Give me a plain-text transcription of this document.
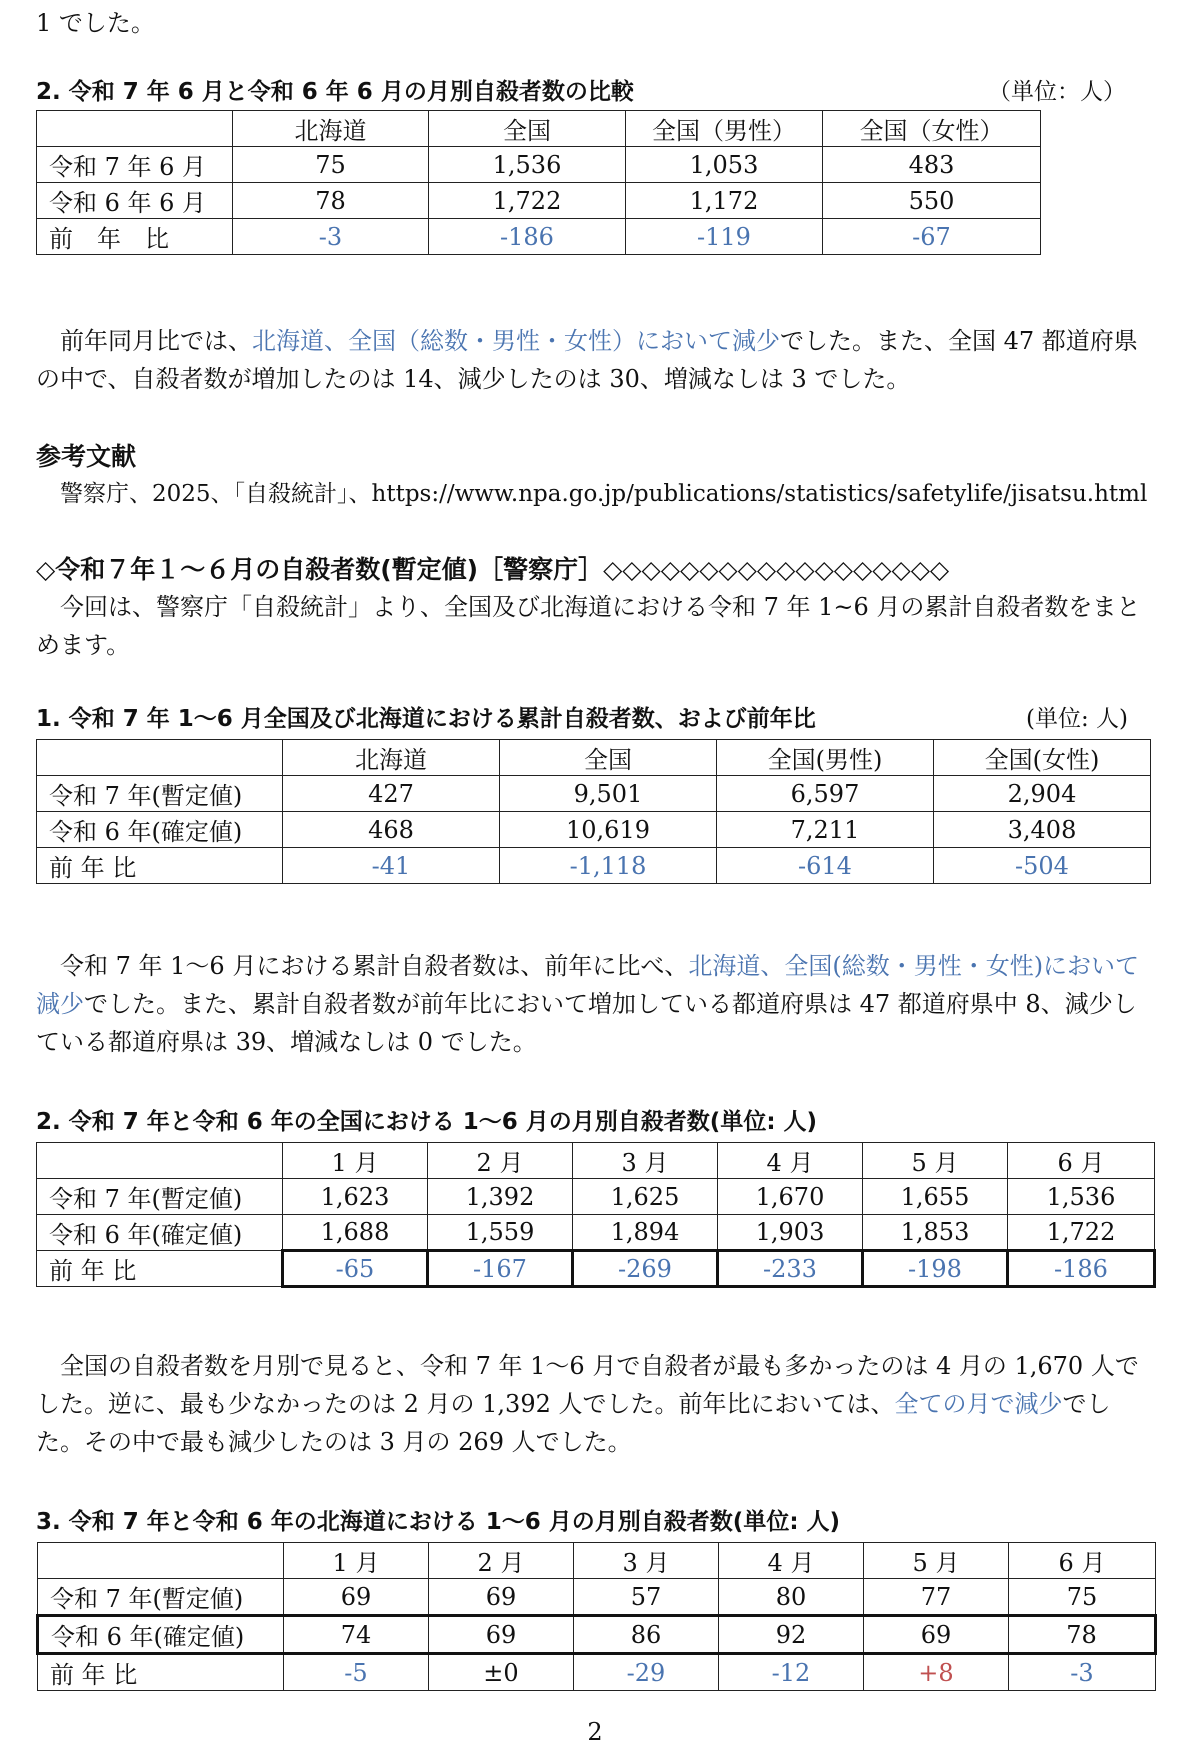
1 でした。

2. 令和 7 年 6 月と令和 6 年 6 月の月別自殺者数の比較	（単位：人）
	北海道	全国	全国（男性）	全国（女性）
令和 7 年 6 月	75	1,536	1,053	483
令和 6 年 6 月	78	1,722	1,172	550
前　年　比	-3	-186	-119	-67

前年同月比では、北海道、全国（総数・男性・女性）において減少でした。また、全国 47 都道府県の中で、自殺者数が増加したのは 14、減少したのは 30、増減なしは 3 でした。

参考文献

警察庁、2025、「自殺統計」、https://www.npa.go.jp/publications/statistics/safetylife/jisatsu.html

◇令和７年１～６月の自殺者数(暫定値)［警察庁］◇◇◇◇◇◇◇◇◇◇◇◇◇◇◇◇◇◇

今回は、警察庁「自殺統計」より、全国及び北海道における令和 7 年 1~6 月の累計自殺者数をまとめます。

1. 令和 7 年 1～6 月全国及び北海道における累計自殺者数、および前年比	(単位: 人)
	北海道	全国	全国(男性)	全国(女性)
令和 7 年(暫定値)	427	9,501	6,597	2,904
令和 6 年(確定値)	468	10,619	7,211	3,408
前 年 比	-41	-1,118	-614	-504

令和 7 年 1～6 月における累計自殺者数は、前年に比べ、北海道、全国(総数・男性・女性)において減少でした。また、累計自殺者数が前年比において増加している都道府県は 47 都道府県中 8、減少している都道府県は 39、増減なしは 0 でした。

2. 令和 7 年と令和 6 年の全国における 1～6 月の月別自殺者数(単位: 人)
	1 月	2 月	3 月	4 月	5 月	6 月
令和 7 年(暫定値)	1,623	1,392	1,625	1,670	1,655	1,536
令和 6 年(確定値)	1,688	1,559	1,894	1,903	1,853	1,722
前 年 比	-65	-167	-269	-233	-198	-186

全国の自殺者数を月別で見ると、令和 7 年 1～6 月で自殺者が最も多かったのは 4 月の 1,670 人でした。逆に、最も少なかったのは 2 月の 1,392 人でした。前年比においては、全ての月で減少でした。その中で最も減少したのは 3 月の 269 人でした。

3. 令和 7 年と令和 6 年の北海道における 1～6 月の月別自殺者数(単位: 人)
	1 月	2 月	3 月	4 月	5 月	6 月
令和 7 年(暫定値)	69	69	57	80	77	75
令和 6 年(確定値)	74	69	86	92	69	78
前 年 比	-5	±0	-29	-12	+8	-3
2
